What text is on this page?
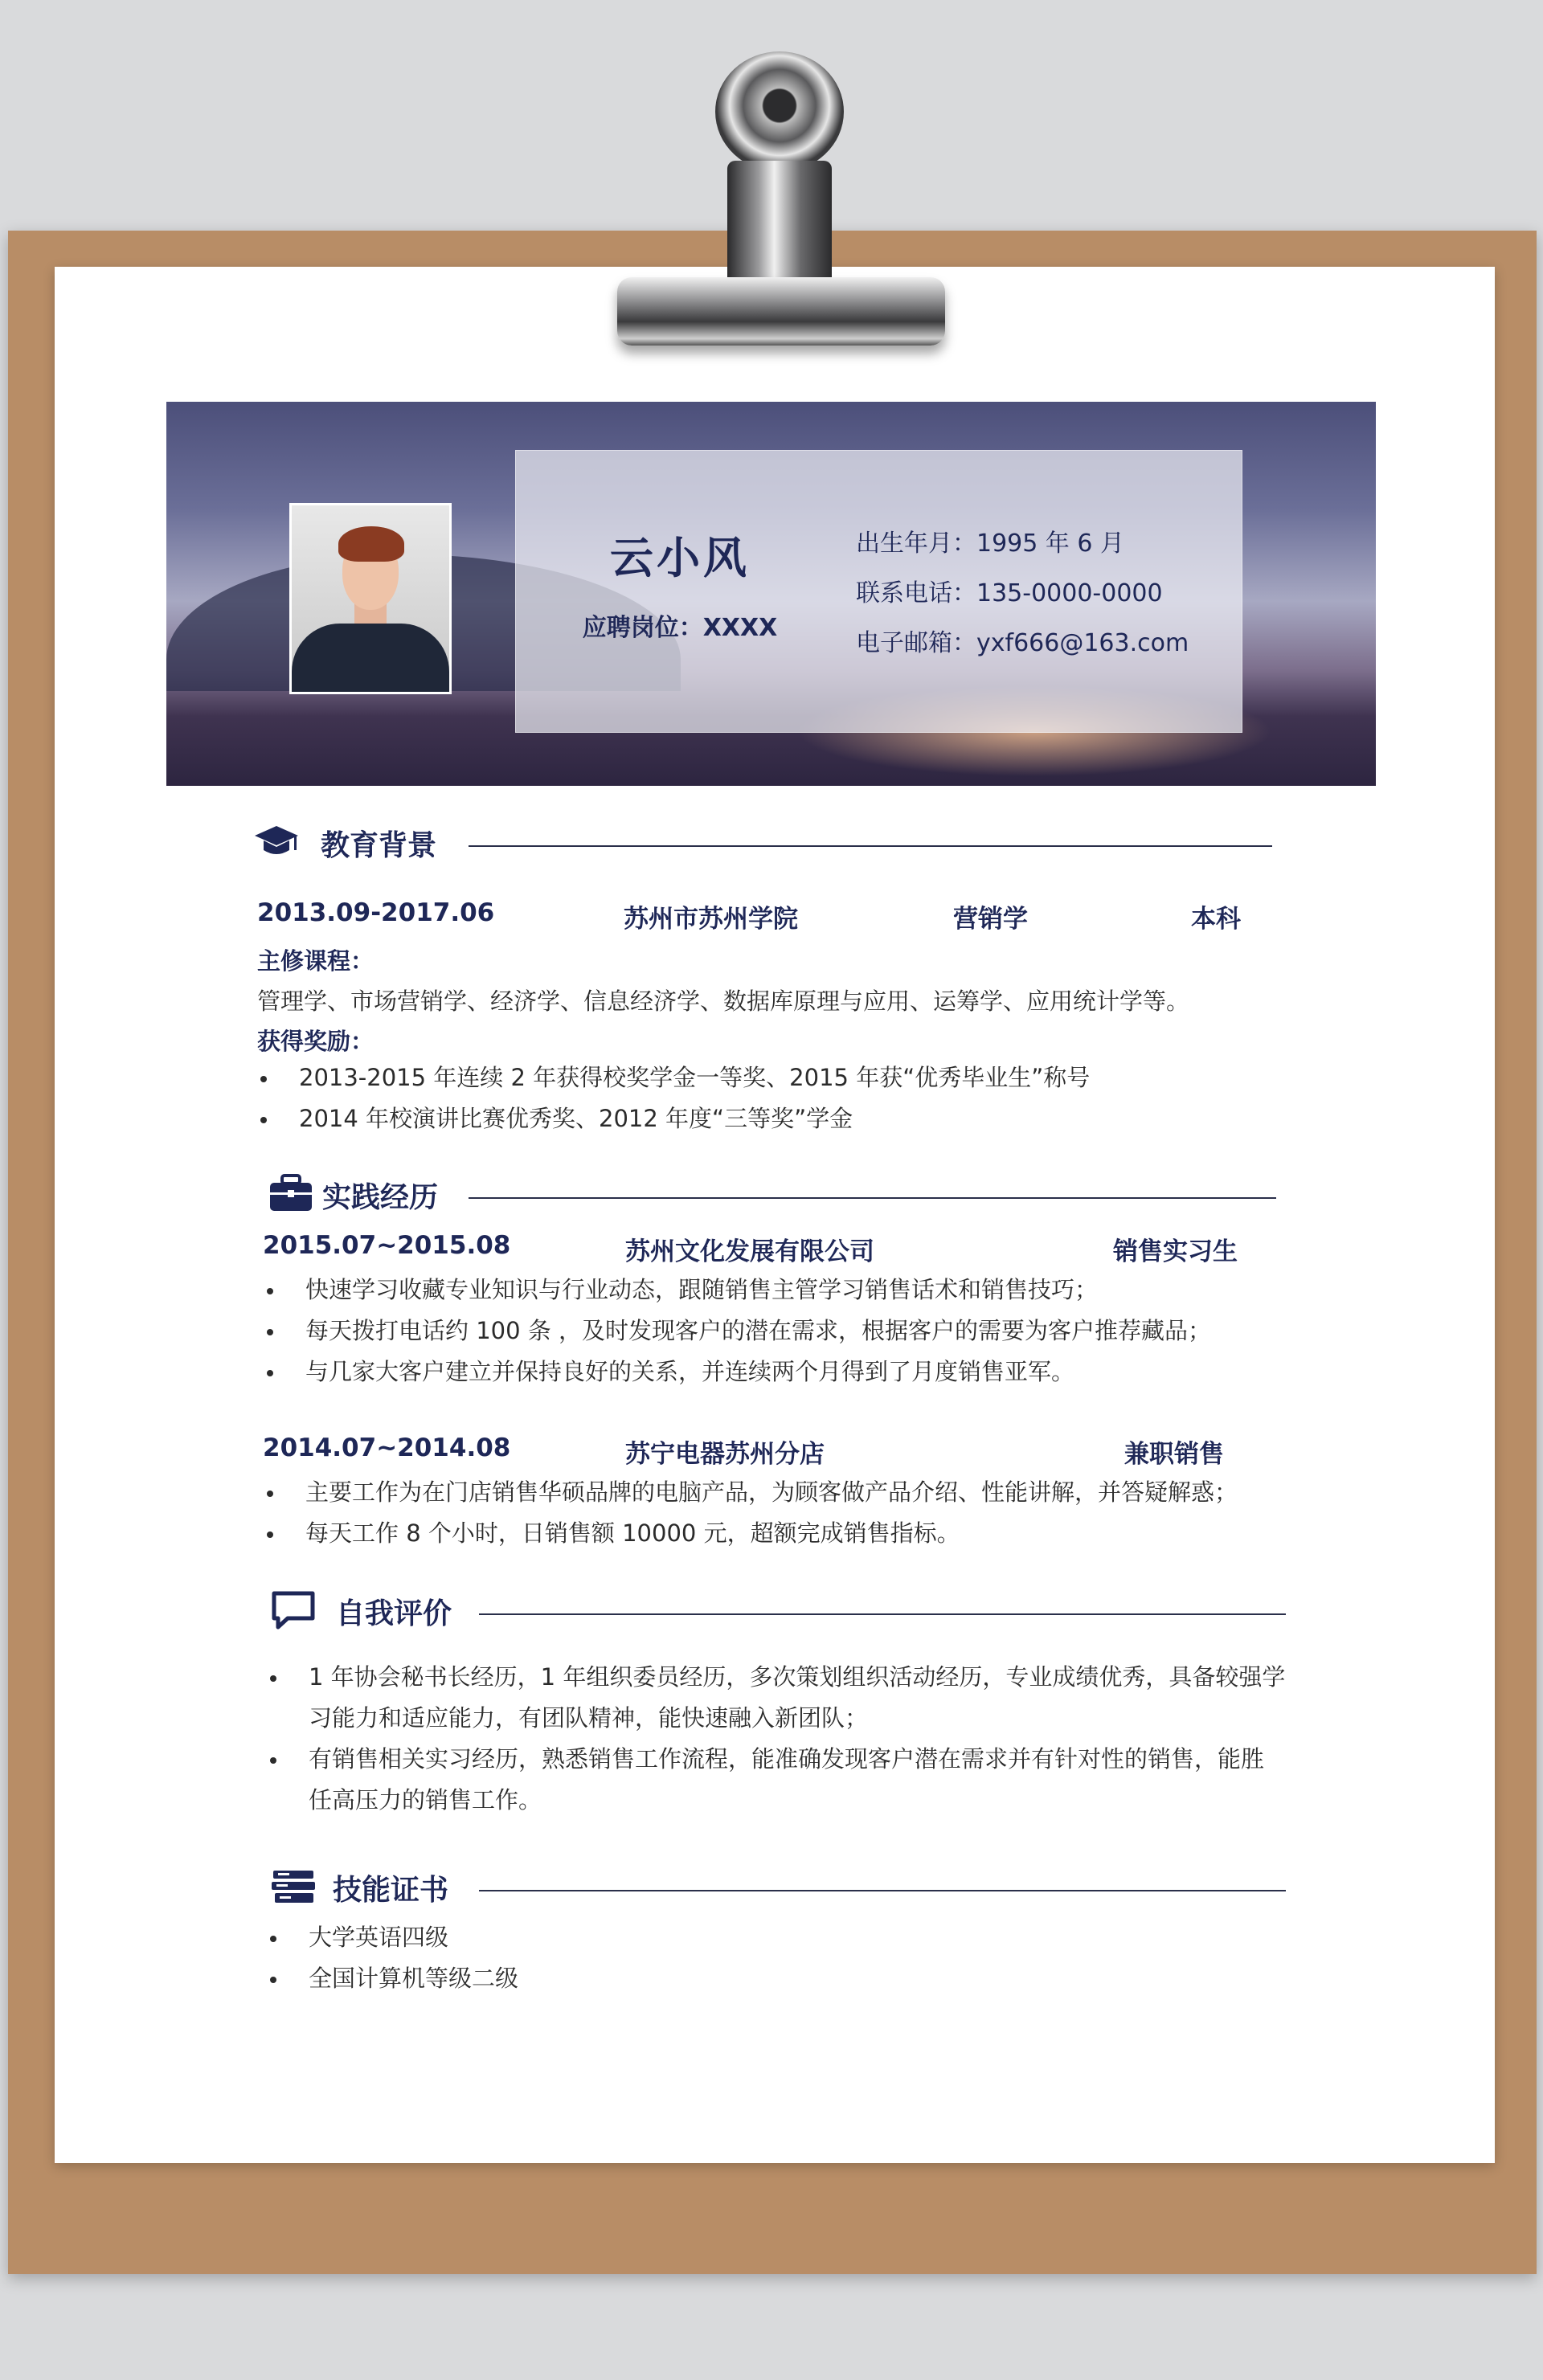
云小风
应聘岗位：XXXX
出生年月：1995 年 6 月
联系电话：135-0000-0000
电子邮箱：yxf666@163.com
教育背景
2013.09-2017.06	苏州市苏州学院	营销学	本科
主修课程：
管理学、市场营销学、经济学、信息经济学、数据库原理与应用、运筹学、应用统计学等。
获得奖励：
2013-2015 年连续 2 年获得校奖学金一等奖、2015 年获“优秀毕业生”称号
2014 年校演讲比赛优秀奖、2012 年度“三等奖”学金
实践经历
2015.07~2015.08	苏州文化发展有限公司	销售实习生
快速学习收藏专业知识与行业动态，跟随销售主管学习销售话术和销售技巧；
每天拨打电话约 100 条 ，及时发现客户的潜在需求，根据客户的需要为客户推荐藏品；
与几家大客户建立并保持良好的关系，并连续两个月得到了月度销售亚军。
2014.07~2014.08	苏宁电器苏州分店	兼职销售
主要工作为在门店销售华硕品牌的电脑产品，为顾客做产品介绍、性能讲解，并答疑解惑；
每天工作 8 个小时，日销售额 10000 元，超额完成销售指标。
自我评价
1 年协会秘书长经历，1 年组织委员经历，多次策划组织活动经历，专业成绩优秀，具备较强学习能力和适应能力，有团队精神，能快速融入新团队；
有销售相关实习经历，熟悉销售工作流程，能准确发现客户潜在需求并有针对性的销售，能胜任高压力的销售工作。
技能证书
大学英语四级
全国计算机等级二级
